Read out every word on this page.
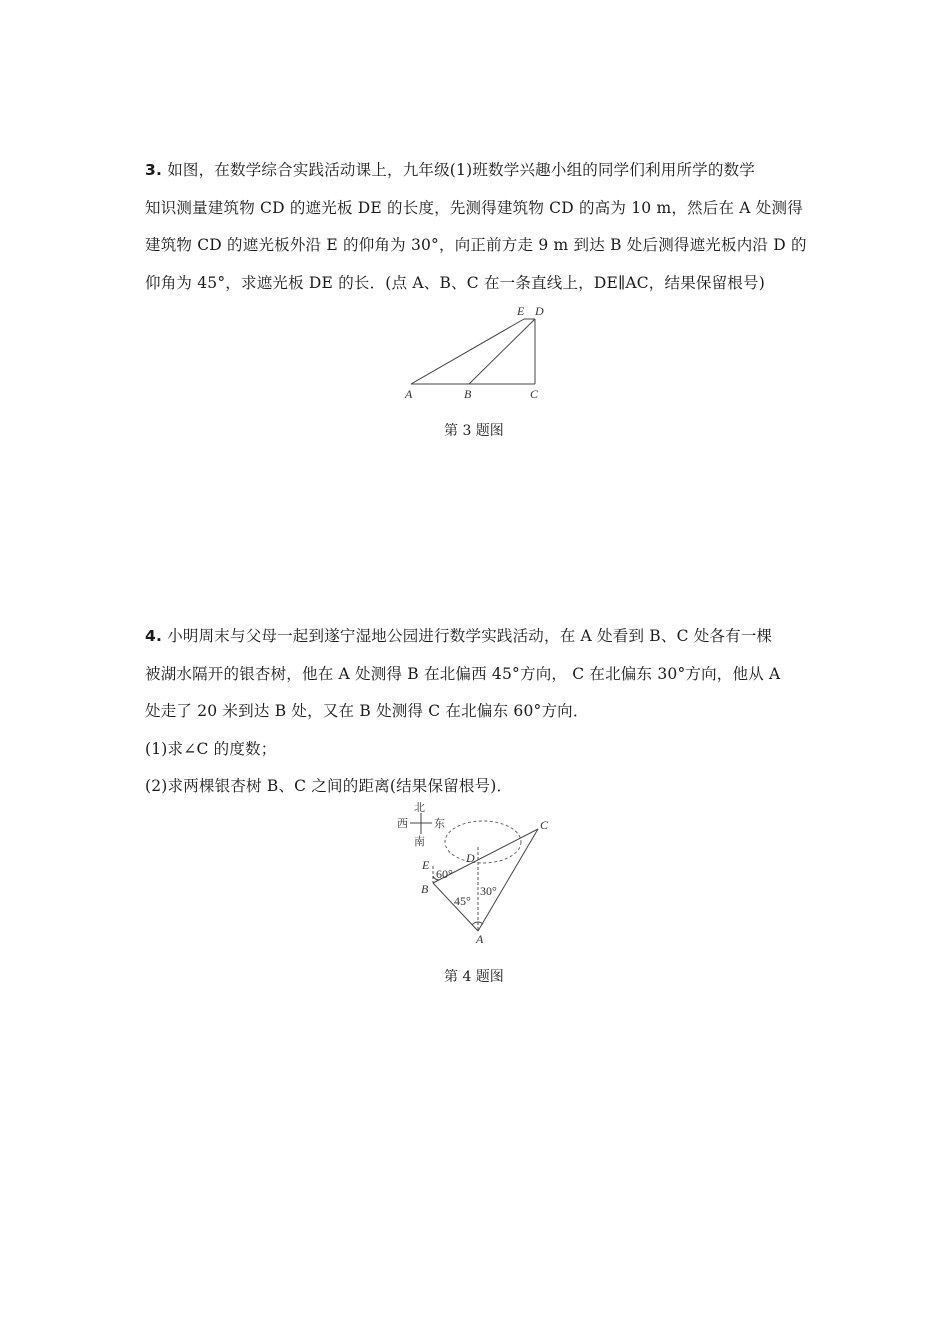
3. 如图，在数学综合实践活动课上，九年级(1)班数学兴趣小组的同学们利用所学的数学
知识测量建筑物 CD 的遮光板 DE 的长度，先测得建筑物 CD 的高为 10 m，然后在 A 处测得
建筑物 CD 的遮光板外沿 E 的仰角为 30°，向正前方走 9 m 到达 B 处后测得遮光板内沿 D 的
仰角为 45°，求遮光板 DE 的长．(点 A、B、C 在一条直线上，DE∥AC，结果保留根号)
E D
A	B	C
第 3 题图
4. 小明周末与父母一起到遂宁湿地公园进行数学实践活动，在 A 处看到 B、C 处各有一棵
被湖水隔开的银杏树，他在 A 处测得 B 在北偏西 45°方向， C 在北偏东 30°方向，他从 A
处走了 20 米到达 B 处，又在 B 处测得 C 在北偏东 60°方向．
(1)求∠C 的度数；
(2)求两棵银杏树 B、C 之间的距离(结果保留根号)．
北
西 东
南
C
D
E
B
A
60°
45°
30°
第 4 题图
